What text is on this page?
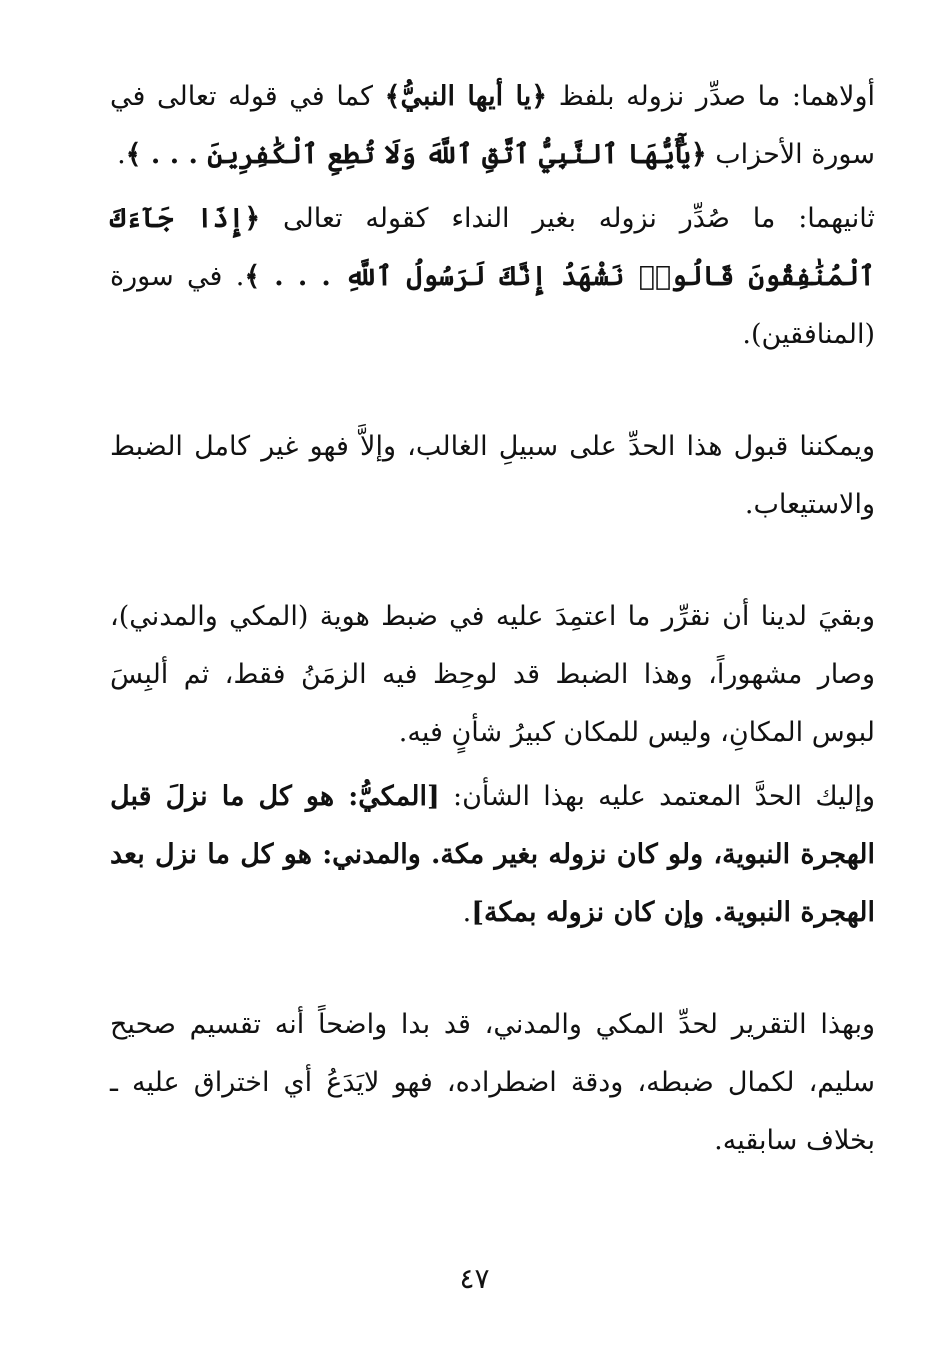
أولاهما: ما صدِّر نزوله بلفظ ﴿يا أيها النبيُّ﴾ كما في قوله تعالى في سورة الأحزاب ﴿يَٰٓأَيُّهَا ٱلنَّبِيُّ ٱتَّقِ ٱللَّهَ وَلَا تُطِعِ ٱلْكَٰفِرِينَ . . . ﴾.

ثانيهما: ما صُدِّر نزوله بغير النداء كقوله تعالى ﴿إِذَا جَآءَكَ ٱلْمُنَٰفِقُونَ قَالُوا۟ نَشْهَدُ إِنَّكَ لَرَسُولُ ٱللَّهِ . . . ﴾. في سورة (المنافقين).

ويمكننا قبول هذا الحدِّ على سبيلِ الغالب، وإلاَّ فهو غير كامل الضبط والاستيعاب.

وبقيَ لدينا أن نقرِّر ما اعتمِدَ عليه في ضبط هوية (المكي والمدني)، وصار مشهوراً، وهذا الضبط قد لوحِظ فيه الزمَنُ فقط، ثم ألبِسَ لبوس المكانِ، وليس للمكان كبيرُ شأنٍ فيه.

وإليك الحدَّ المعتمد عليه بهذا الشأن: [المكيُّ: هو كل ما نزلَ قبل الهجرة النبوية، ولو كان نزوله بغير مكة. والمدني: هو كل ما نزل بعد الهجرة النبوية. وإن كان نزوله بمكة].

وبهذا التقرير لحدِّ المكي والمدني، قد بدا واضحاً أنه تقسيم صحيح سليم، لكمال ضبطه، ودقة اضطراده، فهو لايَدَعُ أي اختراق عليه ـ بخلاف سابقيه.

٤٧
